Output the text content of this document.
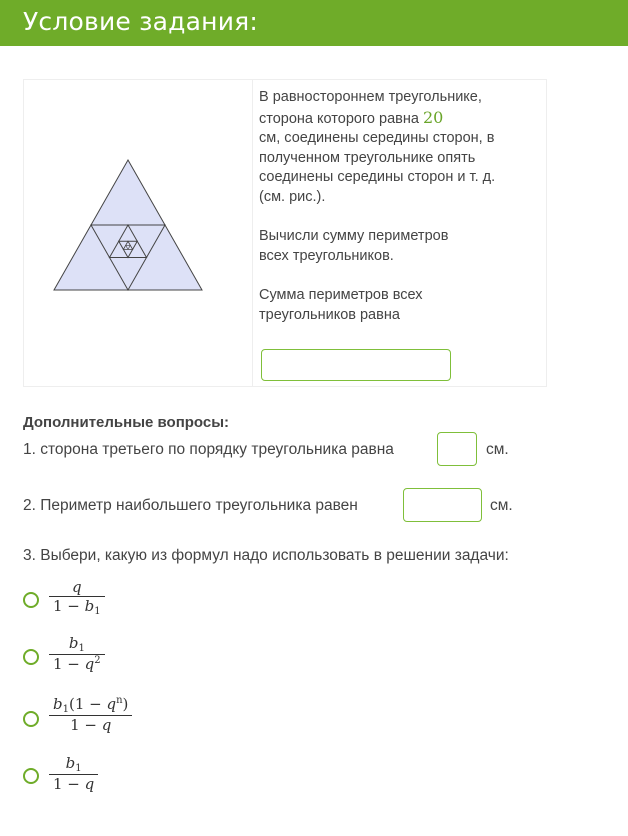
Условие задания:

В равностороннем треугольнике,

сторона которого равна 20

см, соединены середины сторон, в

полученном треугольнике опять

соединены середины сторон и т. д.

(см. рис.).

Вычисли сумму периметров

всех треугольников.

Сумма периметров всех

треугольников равна

Дополнительные вопросы:
1. сторона третьего по порядку треугольника равна	см.
2. Периметр наибольшего треугольника равен	см.
3. Выбери, какую из формул надо использовать в решении задачи:
$\frac{q}{1 - b_1}$
$\frac{b_1}{1 - q^2}$
$\frac{b_1(1 - q^n)}{1 - q}$
$\frac{b_1}{1 - q}$
